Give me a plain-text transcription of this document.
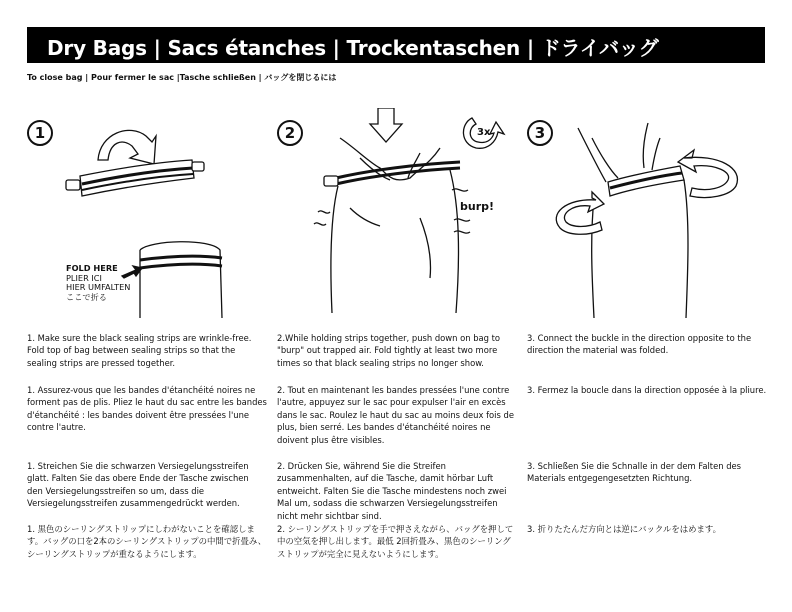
Dry Bags | Sacs étanches | Trockentaschen | ドライバッグ
To close bag | Pour fermer le sac |Tasche schließen | バッグを閉じるには
1	2	3
FOLD HERE
PLIER ICI
HIER UMFALTEN
ここで折る
3x
burp!

1. Make sure the black sealing strips are wrinkle-free. Fold top of bag between sealing strips so that the sealing strips are pressed together.

1. Assurez-vous que les bandes d'étanchéité noires ne forment pas de plis. Pliez le haut du sac entre les bandes d'étanchéité : les bandes doivent être pressées l'une contre l'autre.

1. Streichen Sie die schwarzen Versiegelungsstreifen glatt. Falten Sie das obere Ende der Tasche zwischen den Versiegelungsstreifen so um, dass die Versiegelungsstreifen zusammengedrückt werden.

1. 黒色のシーリングストリップにしわがないことを確認します。バッグの口を2本のシーリングストリップの中間で折畳み、シーリングストリップが重なるようにします。

2.While holding strips together, push down on bag to "burp" out trapped air. Fold tightly at least two more times so that black sealing strips no longer show.

2. Tout en maintenant les bandes pressées l'une contre l'autre, appuyez sur le sac pour expulser l'air en excès dans le sac. Roulez le haut du sac au moins deux fois de plus, bien serré. Les bandes d'étanchéité noires ne doivent plus être visibles.

2. Drücken Sie, während Sie die Streifen zusammenhalten, auf die Tasche, damit hörbar Luft entweicht. Falten Sie die Tasche mindestens noch zwei Mal um, sodass die schwarzen Versiegelungsstreifen nicht mehr sichtbar sind.

2. シーリングストリップを手で押さえながら、バッグを押して中の空気を押し出します。最低 2回折畳み、黒色のシーリングストリップが完全に見えないようにします。

3. Connect the buckle in the direction opposite to the direction the material was folded.

3. Fermez la boucle dans la direction opposée à la pliure.

3. Schließen Sie die Schnalle in der dem Falten des Materials entgegengesetzten Richtung.

3. 折りたたんだ方向とは逆にバックルをはめます。
